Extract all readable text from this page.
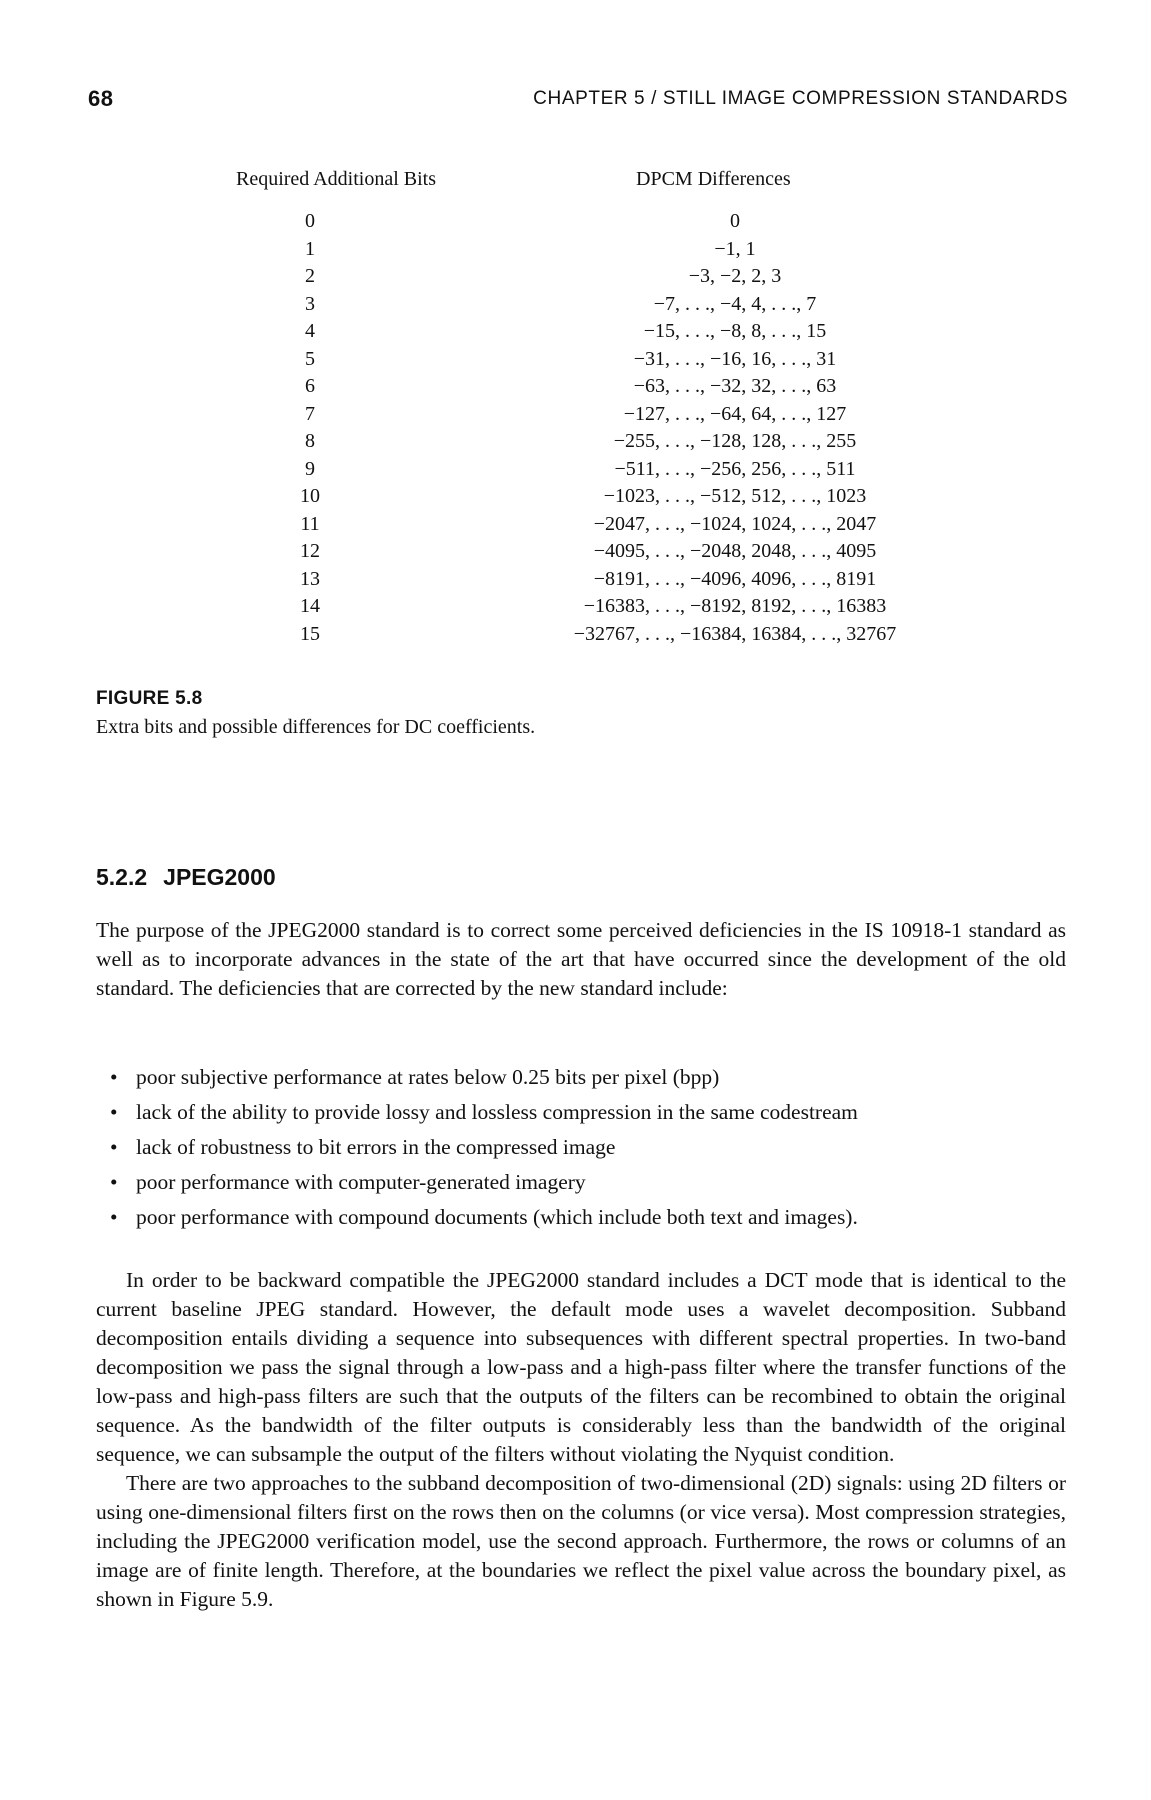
68	CHAPTER 5 / STILL IMAGE COMPRESSION STANDARDS
Required Additional Bits	DPCM Differences
0	0
1	−1, 1
2	−3, −2, 2, 3
3	−7, . . ., −4, 4, . . ., 7
4	−15, . . ., −8, 8, . . ., 15
5	−31, . . ., −16, 16, . . ., 31
6	−63, . . ., −32, 32, . . ., 63
7	−127, . . ., −64, 64, . . ., 127
8	−255, . . ., −128, 128, . . ., 255
9	−511, . . ., −256, 256, . . ., 511
10	−1023, . . ., −512, 512, . . ., 1023
11	−2047, . . ., −1024, 1024, . . ., 2047
12	−4095, . . ., −2048, 2048, . . ., 4095
13	−8191, . . ., −4096, 4096, . . ., 8191
14	−16383, . . ., −8192, 8192, . . ., 16383
15	−32767, . . ., −16384, 16384, . . ., 32767
FIGURE 5.8
Extra bits and possible differences for DC coefficients.
5.2.2 JPEG2000
The purpose of the JPEG2000 standard is to correct some perceived deficiencies in the IS 10918-1 standard as well as to incorporate advances in the state of the art that have occurred since the development of the old standard. The deficiencies that are corrected by the new standard include:
• poor subjective performance at rates below 0.25 bits per pixel (bpp)
• lack of the ability to provide lossy and lossless compression in the same codestream
• lack of robustness to bit errors in the compressed image
• poor performance with computer-generated imagery
• poor performance with compound documents (which include both text and images).

In order to be backward compatible the JPEG2000 standard includes a DCT mode that is identical to the current baseline JPEG standard. However, the default mode uses a wavelet decomposition. Subband decomposition entails dividing a sequence into subsequences with different spectral properties. In two-band decomposition we pass the signal through a low-pass and a high-pass filter where the transfer functions of the low-pass and high-pass filters are such that the outputs of the filters can be recombined to obtain the original sequence. As the bandwidth of the filter outputs is considerably less than the bandwidth of the original sequence, we can subsample the output of the filters without violating the Nyquist condition.

There are two approaches to the subband decomposition of two-dimensional (2D) signals: using 2D filters or using one-dimensional filters first on the rows then on the columns (or vice versa). Most compression strategies, including the JPEG2000 verification model, use the second approach. Furthermore, the rows or columns of an image are of finite length. Therefore, at the boundaries we reflect the pixel value across the boundary pixel, as shown in Figure 5.9.
